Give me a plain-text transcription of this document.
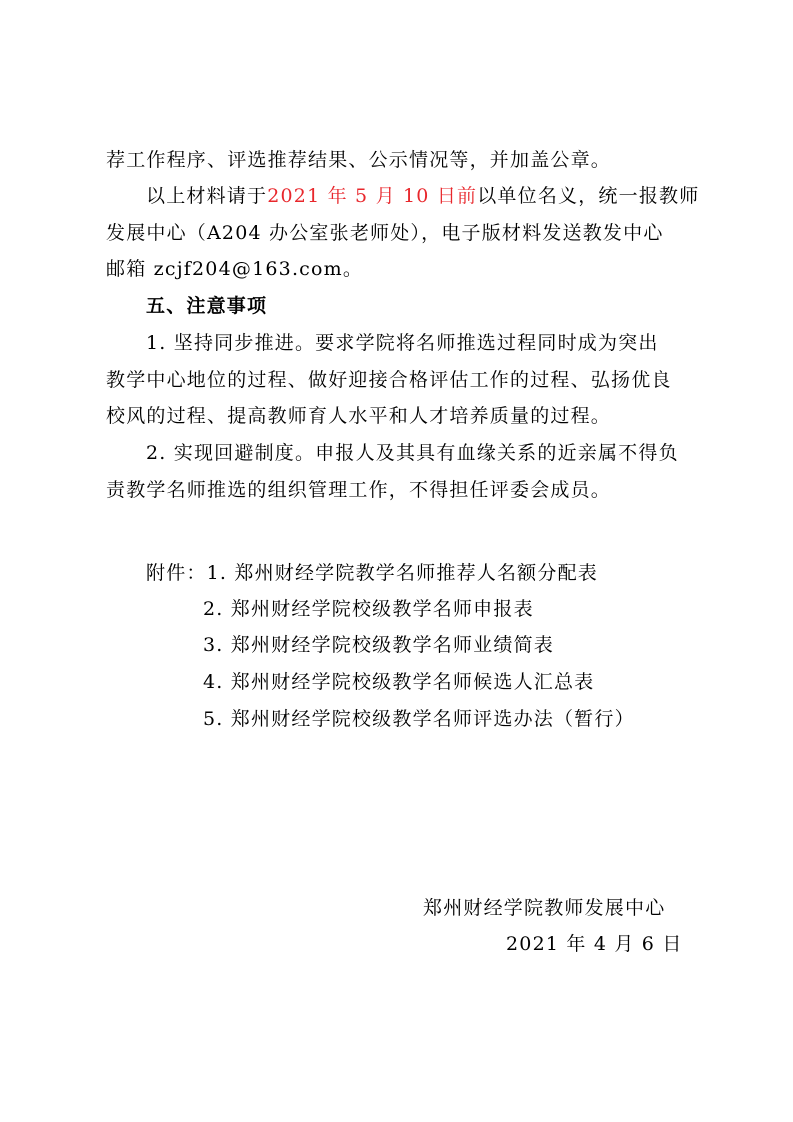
荐工作程序、评选推荐结果、公示情况等，并加盖公章。
以上材料请于2021 年 5 月 10 日前以单位名义，统一报教师
发展中心（A204 办公室张老师处），电子版材料发送教发中心
邮箱 zcjf204@163.com。
五、注意事项
1. 坚持同步推进。要求学院将名师推选过程同时成为突出
教学中心地位的过程、做好迎接合格评估工作的过程、弘扬优良
校风的过程、提高教师育人水平和人才培养质量的过程。
2. 实现回避制度。申报人及其具有血缘关系的近亲属不得负
责教学名师推选的组织管理工作，不得担任评委会成员。
附件：1. 郑州财经学院教学名师推荐人名额分配表
2. 郑州财经学院校级教学名师申报表
3. 郑州财经学院校级教学名师业绩简表
4. 郑州财经学院校级教学名师候选人汇总表
5. 郑州财经学院校级教学名师评选办法（暂行）
郑州财经学院教师发展中心
2021 年 4 月 6 日
